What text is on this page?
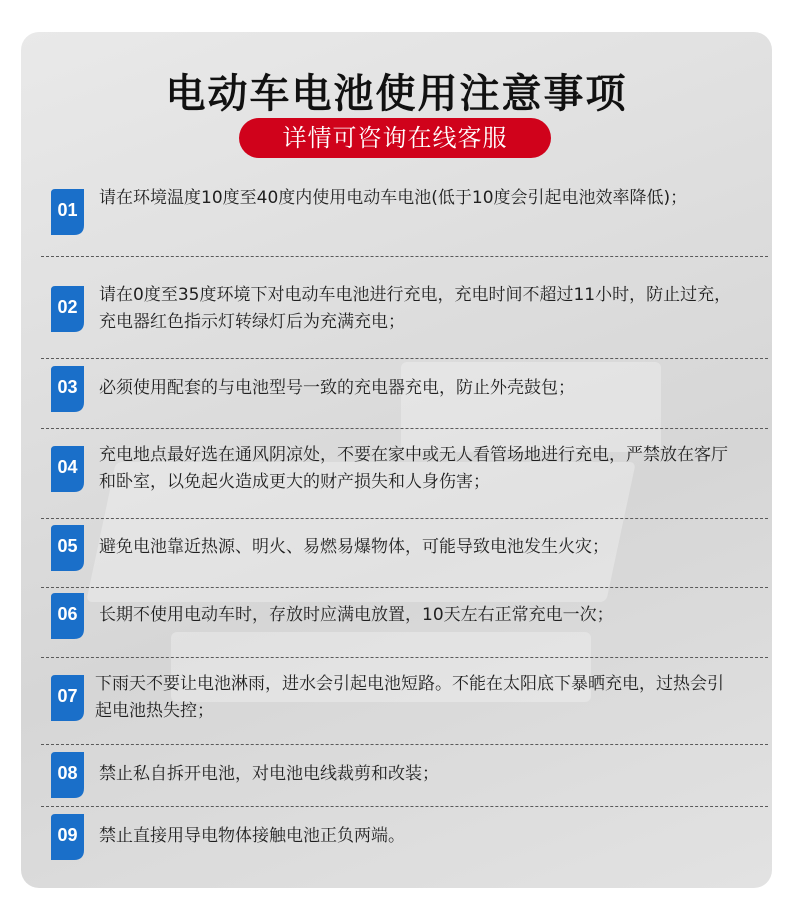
电动车电池使用注意事项
详情可咨询在线客服
01
请在环境温度10度至40度内使用电动车电池(低于10度会引起电池效率降低)；
02
请在0度至35度环境下对电动车电池进行充电，充电时间不超过11小时，防止过充，充电器红色指示灯转绿灯后为充满充电；
03	必须使用配套的与电池型号一致的充电器充电，防止外壳鼓包；
04
充电地点最好选在通风阴凉处，不要在家中或无人看管场地进行充电，严禁放在客厅和卧室，以免起火造成更大的财产损失和人身伤害；
05	避免电池靠近热源、明火、易燃易爆物体，可能导致电池发生火灾；
06	长期不使用电动车时，存放时应满电放置，10天左右正常充电一次；
07
下雨天不要让电池淋雨，进水会引起电池短路。不能在太阳底下暴晒充电，过热会引起电池热失控；
08	禁止私自拆开电池，对电池电线裁剪和改装；
09	禁止直接用导电物体接触电池正负两端。
